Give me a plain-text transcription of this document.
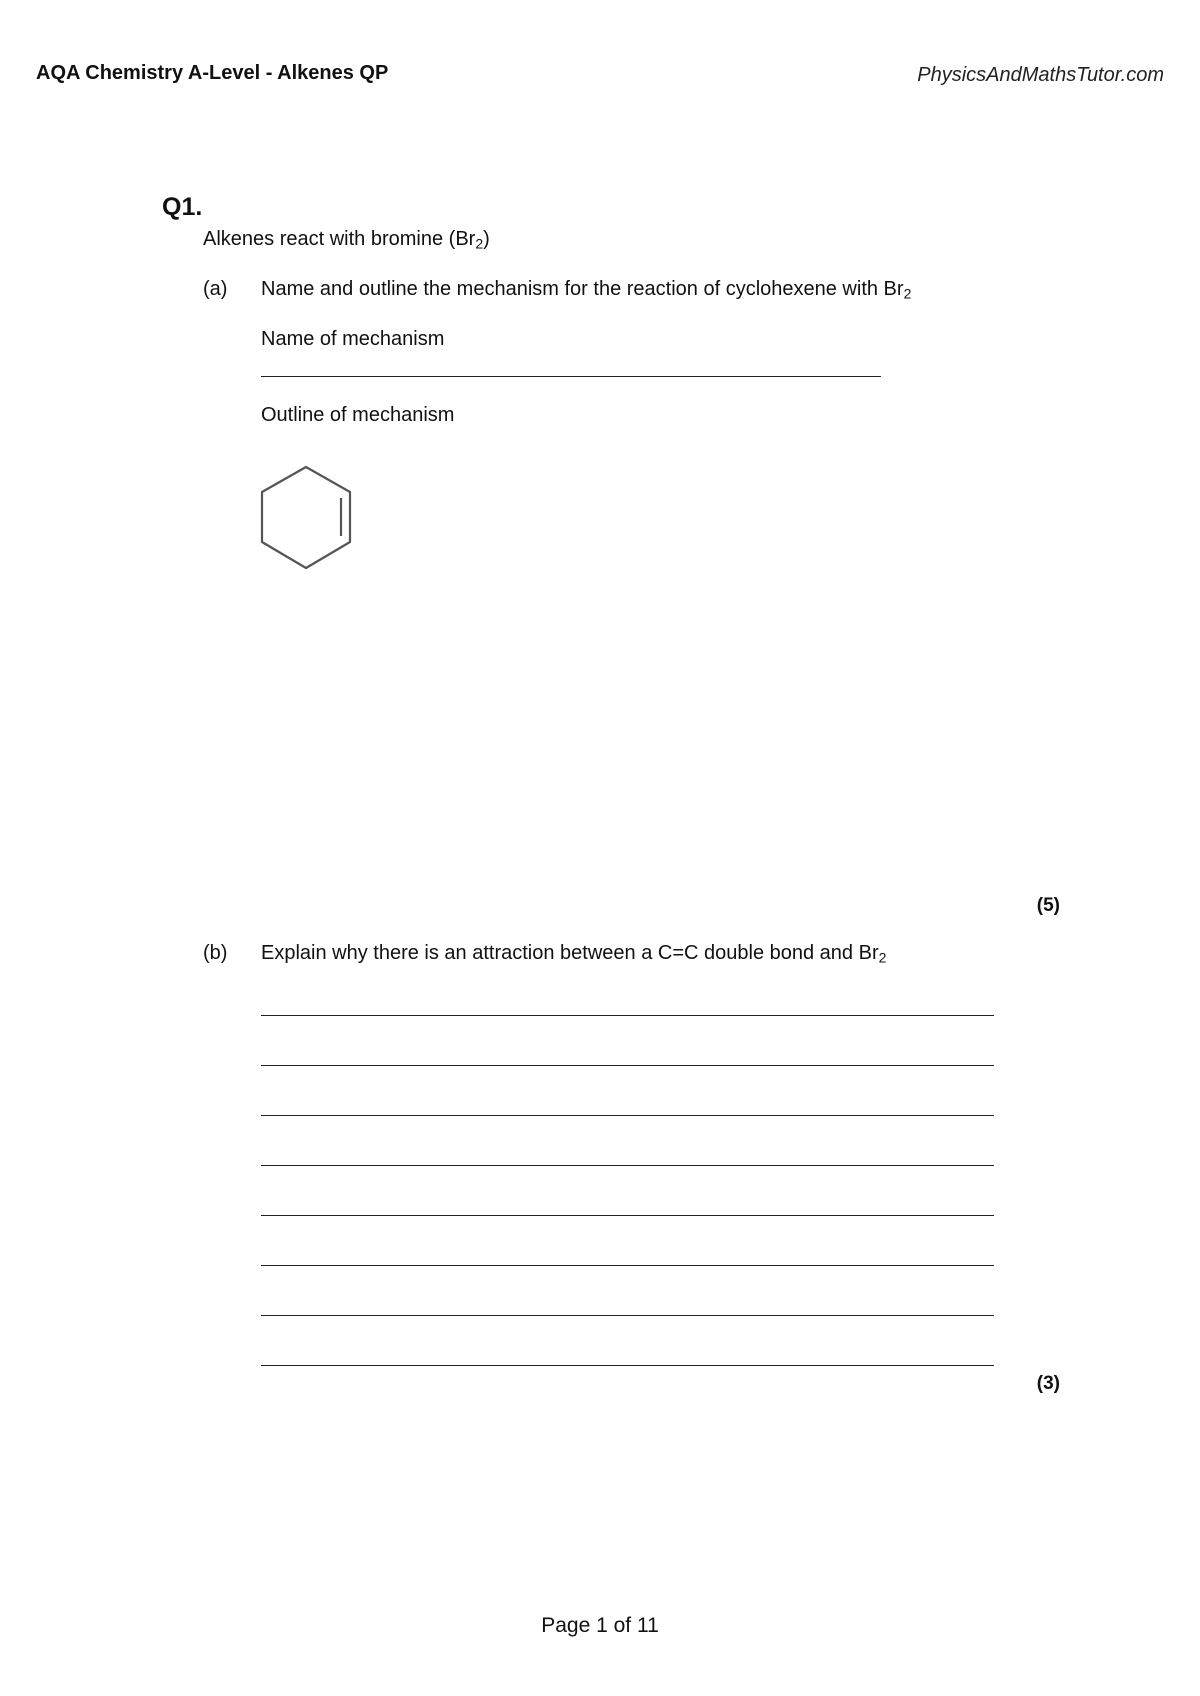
AQA Chemistry A-Level - Alkenes QP	PhysicsAndMathsTutor.com
Q1.
Alkenes react with bromine $(Br_2)$
(a) Name and outline the mechanism for the reaction of cyclohexene with $Br_2$
Name of mechanism
Outline of mechanism
(5)
(b) Explain why there is an attraction between a C=C double bond and $Br_2$
(3)
Page 1 of 11
